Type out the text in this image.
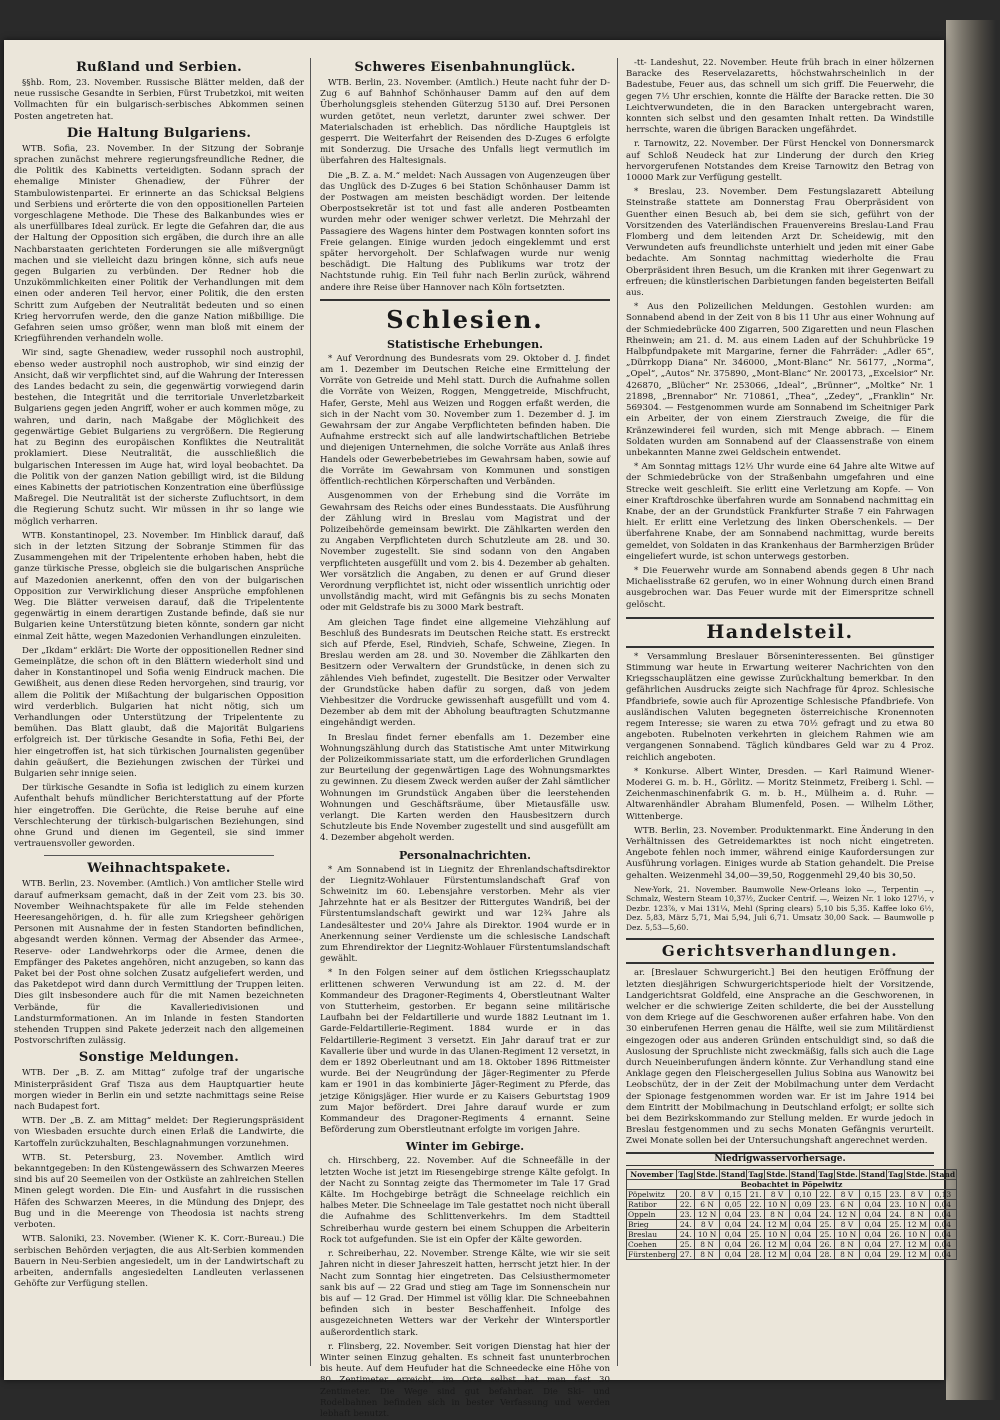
Rußland und Serbien.

§§hb. Rom, 23. November. Russische Blätter melden, daß der neue russische Gesandte in Serbien, Fürst Trubetzkoi, mit weiten Vollmachten für ein bulgarisch-serbisches Abkommen seinen Posten angetreten hat.

Die Haltung Bulgariens.

WTB. Sofia, 23. November. In der Sitzung der Sobranje sprachen zunächst mehrere regierungsfreundliche Redner, die die Politik des Kabinetts verteidigten. Sodann sprach der ehemalige Minister Ghenadiew, der Führer der Stambulowistenpartei. Er erinnerte an das Schicksal Belgiens und Serbiens und erörterte die von den oppositionellen Parteien vorgeschlagene Methode. Die These des Balkanbundes wies er als unerfüllbares Ideal zurück. Er legte die Gefahren dar, die aus der Haltung der Opposition sich ergäben, die durch ihre an alle Nachbarstaaten gerichteten Forderungen sie alle mißvergnügt machen und sie vielleicht dazu bringen könne, sich aufs neue gegen Bulgarien zu verbünden. Der Redner hob die Unzukömmlichkeiten einer Politik der Verhandlungen mit dem einen oder anderen Teil hervor, einer Politik, die den ersten Schritt zum Aufgeben der Neutralität bedeuten und so einen Krieg hervorrufen werde, den die ganze Nation mißbillige. Die Gefahren seien umso größer, wenn man bloß mit einem der Kriegführenden verhandeln wolle.

Wir sind, sagte Ghenadiew, weder russophil noch austrophil, ebenso weder austrophil noch austrophob, wir sind einzig der Ansicht, daß wir verpflichtet sind, auf die Wahrung der Interessen des Landes bedacht zu sein, die gegenwärtig vorwiegend darin bestehen, die Integrität und die territoriale Unverletzbarkeit Bulgariens gegen jeden Angriff, woher er auch kommen möge, zu wahren, und darin, nach Maßgabe der Möglichkeit des gegenwärtige Gebiet Bulgariens zu vergrößern. Die Regierung hat zu Beginn des europäischen Konfliktes die Neutralität proklamiert. Diese Neutralität, die ausschließlich die bulgarischen Interessen im Auge hat, wird loyal beobachtet. Da die Politik von der ganzen Nation gebilligt wird, ist die Bildung eines Kabinetts der patriotischen Konzentration eine überflüssige Maßregel. Die Neutralität ist der sicherste Zufluchtsort, in dem die Regierung Schutz sucht. Wir müssen in ihr so lange wie möglich verharren.

WTB. Konstantinopel, 23. November. Im Hinblick darauf, daß sich in der letzten Sitzung der Sobranje Stimmen für das Zusammengehen mit der Tripelentente erhoben haben, hebt die ganze türkische Presse, obgleich sie die bulgarischen Ansprüche auf Mazedonien anerkennt, offen den von der bulgarischen Opposition zur Verwirklichung dieser Ansprüche empfohlenen Weg. Die Blätter verweisen darauf, daß die Tripelentente gegenwärtig in einem derartigen Zustande befinde, daß sie nur Bulgarien keine Unterstützung bieten könnte, sondern gar nicht einmal Zeit hätte, wegen Mazedonien Verhandlungen einzuleiten.

Der „Ikdam“ erklärt: Die Worte der oppositionellen Redner sind Gemeinplätze, die schon oft in den Blättern wiederholt sind und daher in Konstantinopel und Sofia wenig Eindruck machen. Die Gewißheit, aus denen diese Reden hervorgehen, sind traurig, vor allem die Politik der Mißachtung der bulgarischen Opposition wird verderblich. Bulgarien hat nicht nötig, sich um Verhandlungen oder Unterstützung der Tripelentente zu bemühen. Das Blatt glaubt, daß die Majorität Bulgariens erfolgreich ist. Der türkische Gesandte in Sofia, Fethi Bei, der hier eingetroffen ist, hat sich türkischen Journalisten gegenüber dahin geäußert, die Beziehungen zwischen der Türkei und Bulgarien sehr innige seien.

Der türkische Gesandte in Sofia ist lediglich zu einem kurzen Aufenthalt behufs mündlicher Berichterstattung auf der Pforte hier eingetroffen. Die Gerüchte, die Reise beruhe auf eine Verschlechterung der türkisch-bulgarischen Beziehungen, sind ohne Grund und dienen im Gegenteil, sie sind immer vertrauensvoller geworden.

Weihnachtspakete.

WTB. Berlin, 23. November. (Amtlich.) Von amtlicher Stelle wird darauf aufmerksam gemacht, daß in der Zeit vom 23. bis 30. November Weihnachtspakete für alle im Felde stehenden Heeresangehörigen, d. h. für alle zum Kriegsheer gehörigen Personen mit Ausnahme der in festen Standorten befindlichen, abgesandt werden können. Vermag der Absender das Armee-, Reserve- oder Landwehrkorps oder die Armee, denen die Empfänger des Paketes angehören, nicht anzugeben, so kann das Paket bei der Post ohne solchen Zusatz aufgeliefert werden, und das Paketdepot wird dann durch Vermittlung der Truppen leiten. Dies gilt insbesondere auch für die mit Namen bezeichneten Verbände, für die Kavalleriedivisionen und Landsturmformationen. An im Inlande in festen Standorten stehenden Truppen sind Pakete jederzeit nach den allgemeinen Postvorschriften zulässig.

Sonstige Meldungen.

WTB. Der „B. Z. am Mittag“ zufolge traf der ungarische Ministerpräsident Graf Tisza aus dem Hauptquartier heute morgen wieder in Berlin ein und setzte nachmittags seine Reise nach Budapest fort.

WTB. Der „B. Z. am Mittag“ meldet: Der Regierungspräsident von Wiesbaden ersuchte durch einen Erlaß die Landwirte, die Kartoffeln zurückzuhalten, Beschlagnahmungen vorzunehmen.

WTB. St. Petersburg, 23. November. Amtlich wird bekanntgegeben: In den Küstengewässern des Schwarzen Meeres sind bis auf 20 Seemeilen von der Ostküste an zahlreichen Stellen Minen gelegt worden. Die Ein- und Ausfahrt in die russischen Häfen des Schwarzen Meeres, in die Mündung des Dnjepr, des Bug und in die Meerenge von Theodosia ist nachts streng verboten.

WTB. Saloniki, 23. November. (Wiener K. K. Corr.-Bureau.) Die serbischen Behörden verjagten, die aus Alt-Serbien kommenden Bauern in Neu-Serbien angesiedelt, um in der Landwirtschaft zu arbeiten, andernfalls angesiedelten Landleuten verlassenen Gehöfte zur Verfügung stellen.

Schweres Eisenbahnunglück.

WTB. Berlin, 23. November. (Amtlich.) Heute nacht fuhr der D-Zug 6 auf Bahnhof Schönhauser Damm auf den auf dem Überholungsgleis stehenden Güterzug 5130 auf. Drei Personen wurden getötet, neun verletzt, darunter zwei schwer. Der Materialschaden ist erheblich. Das nördliche Hauptgleis ist gesperrt. Die Weiterfahrt der Reisenden des D-Zuges 6 erfolgte mit Sonderzug. Die Ursache des Unfalls liegt vermutlich im überfahren des Haltesignals.

Die „B. Z. a. M.“ meldet: Nach Aussagen von Augenzeugen über das Unglück des D-Zuges 6 bei Station Schönhauser Damm ist der Postwagen am meisten beschädigt worden. Der leitende Oberpostsekretär ist tot und fast alle anderen Postbeamten wurden mehr oder weniger schwer verletzt. Die Mehrzahl der Passagiere des Wagens hinter dem Postwagen konnten sofort ins Freie gelangen. Einige wurden jedoch eingeklemmt und erst später hervorgeholt. Der Schlafwagen wurde nur wenig beschädigt. Die Haltung des Publikums war trotz der Nachtstunde ruhig. Ein Teil fuhr nach Berlin zurück, während andere ihre Reise über Hannover nach Köln fortsetzten.

Schlesien.
Statistische Erhebungen.

* Auf Verordnung des Bundesrats vom 29. Oktober d. J. findet am 1. Dezember im Deutschen Reiche eine Ermittelung der Vorräte von Getreide und Mehl statt. Durch die Aufnahme sollen die Vorräte von Weizen, Roggen, Menggetreide, Mischfrucht, Hafer, Gerste, Mehl aus Weizen und Roggen erfaßt werden, die sich in der Nacht vom 30. November zum 1. Dezember d. J. im Gewahrsam der zur Angabe Verpflichteten befinden haben. Die Aufnahme erstreckt sich auf alle landwirtschaftlichen Betriebe und diejenigen Unternehmen, die solche Vorräte aus Anlaß ihres Handels oder Gewerbebetriebes im Gewahrsam haben, sowie auf die Vorräte im Gewahrsam von Kommunen und sonstigen öffentlich-rechtlichen Körperschaften und Verbänden.

Ausgenommen von der Erhebung sind die Vorräte im Gewahrsam des Reichs oder eines Bundesstaats. Die Ausführung der Zählung wird in Breslau vom Magistrat und der Polizeibehörde gemeinsam bewirkt. Die Zählkarten werden den zu Angaben Verpflichteten durch Schutzleute am 28. und 30. November zugestellt. Sie sind sodann von den Angaben verpflichteten ausgefüllt und vom 2. bis 4. Dezember ab gehalten. Wer vorsätzlich die Angaben, zu denen er auf Grund dieser Verordnung verpflichtet ist, nicht oder wissentlich unrichtig oder unvollständig macht, wird mit Gefängnis bis zu sechs Monaten oder mit Geldstrafe bis zu 3000 Mark bestraft.

Am gleichen Tage findet eine allgemeine Viehzählung auf Beschluß des Bundesrats im Deutschen Reiche statt. Es erstreckt sich auf Pferde, Esel, Rindvieh, Schafe, Schweine, Ziegen. In Breslau werden am 28. und 30. November die Zählkarten den Besitzern oder Verwaltern der Grundstücke, in denen sich zu zählendes Vieh befindet, zugestellt. Die Besitzer oder Verwalter der Grundstücke haben dafür zu sorgen, daß von jedem Viehbesitzer die Vordrucke gewissenhaft ausgefüllt und vom 4. Dezember ab dem mit der Abholung beauftragten Schutzmanne eingehändigt werden.

In Breslau findet ferner ebenfalls am 1. Dezember eine Wohnungszählung durch das Statistische Amt unter Mitwirkung der Polizeikommissariate statt, um die erforderlichen Grundlagen zur Beurteilung der gegenwärtigen Lage des Wohnungsmarktes zu gewinnen. Zu diesem Zweck werden außer der Zahl sämtlicher Wohnungen im Grundstück Angaben über die leerstehenden Wohnungen und Geschäftsräume, über Mietausfälle usw. verlangt. Die Karten werden den Hausbesitzern durch Schutzleute bis Ende November zugestellt und sind ausgefüllt am 4. Dezember abgeholt werden.

Personalnachrichten.

* Am Sonnabend ist in Liegnitz der Ehrenlandschaftsdirektor der Liegnitz-Wohlauer Fürstentumslandschaft Graf von Schweinitz im 60. Lebensjahre verstorben. Mehr als vier Jahrzehnte hat er als Besitzer der Rittergutes Wandriß, bei der Fürstentumslandschaft gewirkt und war 12¾ Jahre als Landesältester und 20¼ Jahre als Direktor. 1904 wurde er in Anerkennung seiner Verdienste um die schlesische Landschaft zum Ehrendirektor der Liegnitz-Wohlauer Fürstentumslandschaft gewählt.

* In den Folgen seiner auf dem östlichen Kriegsschauplatz erlittenen schweren Verwundung ist am 22. d. M. der Kommandeur des Dragoner-Regiments 4, Oberstleutnant Walter von Stutterheim, gestorben. Er begann seine militärische Laufbahn bei der Feldartillerie und wurde 1882 Leutnant im 1. Garde-Feldartillerie-Regiment. 1884 wurde er in das Feldartillerie-Regiment 3 versetzt. Ein Jahr darauf trat er zur Kavallerie über und wurde in das Ulanen-Regiment 12 versetzt, in dem er 1892 Oberleutnant und am 18. Oktober 1896 Rittmeister wurde. Bei der Neugründung der Jäger-Regimenter zu Pferde kam er 1901 in das kombinierte Jäger-Regiment zu Pferde, das jetzige Königsjäger. Hier wurde er zu Kaisers Geburtstag 1909 zum Major befördert. Drei Jahre darauf wurde er zum Kommandeur des Dragoner-Regiments 4 ernannt. Seine Beförderung zum Oberstleutnant erfolgte im vorigen Jahre.

Winter im Gebirge.

ch. Hirschberg, 22. November. Auf die Schneefälle in der letzten Woche ist jetzt im Riesengebirge strenge Kälte gefolgt. In der Nacht zu Sonntag zeigte das Thermometer im Tale 17 Grad Kälte. Im Hochgebirge beträgt die Schneelage reichlich ein halbes Meter. Die Schneelage im Tale gestattet noch nicht überall die Aufnahme des Schlittenverkehrs. Im dem Stadtteil Schreiberhau wurde gestern bei einem Schuppen die Arbeiterin Rock tot aufgefunden. Sie ist ein Opfer der Kälte geworden.

r. Schreiberhau, 22. November. Strenge Kälte, wie wir sie seit Jahren nicht in dieser Jahreszeit hatten, herrscht jetzt hier. In der Nacht zum Sonntag hier eingetreten. Das Celsiusthermometer sank bis auf — 22 Grad und stieg am Tage im Sonnenschein nur bis auf — 12 Grad. Der Himmel ist völlig klar. Die Schneebahnen befinden sich in bester Beschaffenheit. Infolge des ausgezeichneten Wetters war der Verkehr der Wintersportler außerordentlich stark.

r. Flinsberg, 22. November. Seit vorigen Dienstag hat hier der Winter seinen Einzug gehalten. Es schneit fast ununterbrochen bis heute. Auf dem Heufuder hat die Schneedecke eine Höhe von 80 Zentimeter erreicht, im Orte selbst hat man fast 30 Zentimeter. Die Wege sind gut befahrbar. Die Ski- und Rodelbahnen befinden sich in bester Verfassung und werden lebhaft benutzt.

-tt- Landeshut, 22. November. Heute früh brach in einer hölzernen Baracke des Reservelazaretts, höchstwahrscheinlich in der Badestube, Feuer aus, das schnell um sich griff. Die Feuerwehr, die gegen 7½ Uhr erschien, konnte die Hälfte der Baracke retten. Die 30 Leichtverwundeten, die in den Baracken untergebracht waren, konnten sich selbst und den gesamten Inhalt retten. Da Windstille herrschte, waren die übrigen Baracken ungefährdet.

r. Tarnowitz, 22. November. Der Fürst Henckel von Donnersmarck auf Schloß Neudeck hat zur Linderung der durch den Krieg hervorgerufenen Notstandes dem Kreise Tarnowitz den Betrag von 10000 Mark zur Verfügung gestellt.

* Breslau, 23. November. Dem Festungslazarett Abteilung Steinstraße stattete am Donnerstag Frau Oberpräsident von Guenther einen Besuch ab, bei dem sie sich, geführt von der Vorsitzenden des Vaterländischen Frauenvereins Breslau-Land Frau Flomberg und dem leitenden Arzt Dr. Scheidewig, mit den Verwundeten aufs freundlichste unterhielt und jeden mit einer Gabe bedachte. Am Sonntag nachmittag wiederholte die Frau Oberpräsident ihren Besuch, um die Kranken mit ihrer Gegenwart zu erfreuen; die künstlerischen Darbietungen fanden begeisterten Beifall aus.

* Aus den Polizeilichen Meldungen. Gestohlen wurden: am Sonnabend abend in der Zeit von 8 bis 11 Uhr aus einer Wohnung auf der Schmiedebrücke 400 Zigarren, 500 Zigaretten und neun Flaschen Rheinwein; am 21. d. M. aus einem Laden auf der Schuhbrücke 19 Halbpfundpakete mit Margarine, ferner die Fahrräder: „Adler 65“, „Dürrkopp Diana“ Nr. 346000, „Mont-Blanc“ Nr. 56177, „Norma“, „Opel“, „Autos“ Nr. 375890, „Mont-Blanc“ Nr. 200173, „Excelsior“ Nr. 426870, „Blücher“ Nr. 253066, „Ideal“, „Brünner“, „Moltke“ Nr. 1 21898, „Brennabor“ Nr. 710861, „Thea“, „Zedey“, „Franklin“ Nr. 569304. — Festgenommen wurde am Sonnabend im Scheitniger Park ein Arbeiter, der von einem Zierstrauch Zweige, die für die Kränzewinderei feil wurden, sich mit Menge abbrach. — Einem Soldaten wurden am Sonnabend auf der Claassenstraße von einem unbekannten Manne zwei Geldschein entwendet.

* Am Sonntag mittags 12½ Uhr wurde eine 64 Jahre alte Witwe auf der Schmiedebrücke von der Straßenbahn umgefahren und eine Strecke weit geschleift. Sie erlitt eine Verletzung am Kopfe. — Von einer Kraftdroschke überfahren wurde am Sonnabend nachmittag ein Knabe, der an der Grundstück Frankfurter Straße 7 ein Fahrwagen hielt. Er erlitt eine Verletzung des linken Oberschenkels. — Der überfahrene Knabe, der am Sonnabend nachmittag, wurde bereits gemeldet, von Soldaten in das Krankenhaus der Barmherzigen Brüder eingeliefert wurde, ist schon unterwegs gestorben.

* Die Feuerwehr wurde am Sonnabend abends gegen 8 Uhr nach Michaelisstraße 62 gerufen, wo in einer Wohnung durch einen Brand ausgebrochen war. Das Feuer wurde mit der Eimerspritze schnell gelöscht.

Handelsteil.

* Versammlung Breslauer Börseninteressenten. Bei günstiger Stimmung war heute in Erwartung weiterer Nachrichten von den Kriegsschauplätzen eine gewisse Zurückhaltung bemerkbar. In den gefährlichen Ausdrucks zeigte sich Nachfrage für 4proz. Schlesische Pfandbriefe, sowie auch für Aprozentige Schlesische Pfandbriefe. Von ausländischen Valuten begegneten österreichische Kronennoten regem Interesse; sie waren zu etwa 70½ gefragt und zu etwa 80 angeboten. Rubelnoten verkehrten in gleichem Rahmen wie am vergangenen Sonnabend. Täglich kündbares Geld war zu 4 Proz. reichlich angeboten.

* Konkurse. Albert Winter, Dresden. — Karl Raimund Wiener-Moderei G. m. b. H., Görlitz. — Moritz Steinmetz, Freiberg i. Schl. — Zeichenmaschinenfabrik G. m. b. H., Mülheim a. d. Ruhr. — Altwarenhändler Abraham Blumenfeld, Posen. — Wilhelm Löther, Wittenberge.

WTB. Berlin, 23. November. Produktenmarkt. Eine Änderung in den Verhältnissen des Getreidemarktes ist noch nicht eingetreten. Angebote fehlen noch immer, während einige Kaufordersungen zur Ausführung vorlagen. Einiges wurde ab Station gehandelt. Die Preise gehalten. Weizenmehl 34,00—39,50, Roggenmehl 29,40 bis 30,50.

New-York, 21. November. Baumwolle New-Orleans loko —, Terpentin —, Schmalz, Western Steam 10,37½, Zucker Centrif. —, Weizen Nr. 1 loko 127½, v Dezbr. 123⅞, v Mai 131¼, Mehl (Spring clears) 5,10 bis 5,35. Kaffee loko 6½, Dez. 5,83, März 5,71, Mai 5,94, Juli 6,71. Umsatz 30,00 Sack. — Baumwolle p Dez. 5,53—5,60.

Gerichtsverhandlungen.

ar. [Breslauer Schwurgericht.] Bei den heutigen Eröffnung der letzten diesjährigen Schwurgerichtsperiode hielt der Vorsitzende, Landgerichtsrat Goldfeld, eine Ansprache an die Geschworenen, in welcher er die schwierige Zeiten schilderte, die bei der Ausstellung von dem Kriege auf die Geschworenen außer erfahren habe. Von den 30 einberufenen Herren genau die Hälfte, weil sie zum Militärdienst eingezogen oder aus anderen Gründen entschuldigt sind, so daß die Auslosung der Spruchliste nicht zweckmäßig, falls sich auch die Lage durch Neueinberufungen ändern könnte. Zur Verhandlung stand eine Anklage gegen den Fleischergesellen Julius Sobina aus Wanowitz bei Leobschütz, der in der Zeit der Mobilmachung unter dem Verdacht der Spionage festgenommen worden war. Er ist im Jahre 1914 bei dem Eintritt der Mobilmachung in Deutschland erfolgt; er sollte sich bei dem Bezirkskommando zur Stellung melden. Er wurde jedoch in Breslau festgenommen und zu sechs Monaten Gefängnis verurteilt. Zwei Monate sollen bei der Untersuchungshaft angerechnet werden.

Niedrigwasservorhersage.
November	Tag	Stde.	Stand	Tag	Stde.	Stand	Tag	Stde.	Stand	Tag	Stde.	Stand
Beobachtet in Pöpelwitz												
Pöpelwitz	20.	8 V	0,15	21.	8 V	0,10	22.	8 V	0,15	23.	8 V	0,13
Ratibor	22.	6 N	0,05	22.	10 N	0,09	23.	6 N	0,04	23.	10 N	0,04
Oppeln	23.	12 N	0,04	23.	8 N	0,04	24.	12 N	0,04	24.	8 N	0,04
Brieg	24.	8 V	0,04	24.	12 M	0,04	25.	8 V	0,04	25.	12 M	0,04
Breslau	24.	10 N	0,04	25.	10 N	0,04	25.	10 N	0,04	26.	10 N	0,04
Coehen	25.	8 N	0,04	26.	12 M	0,04	26.	8 N	0,04	27.	12 M	0,04
Fürstenberg	27.	8 N	0,04	28.	12 M	0,04	28.	8 N	0,04	29.	12 M	0,04
